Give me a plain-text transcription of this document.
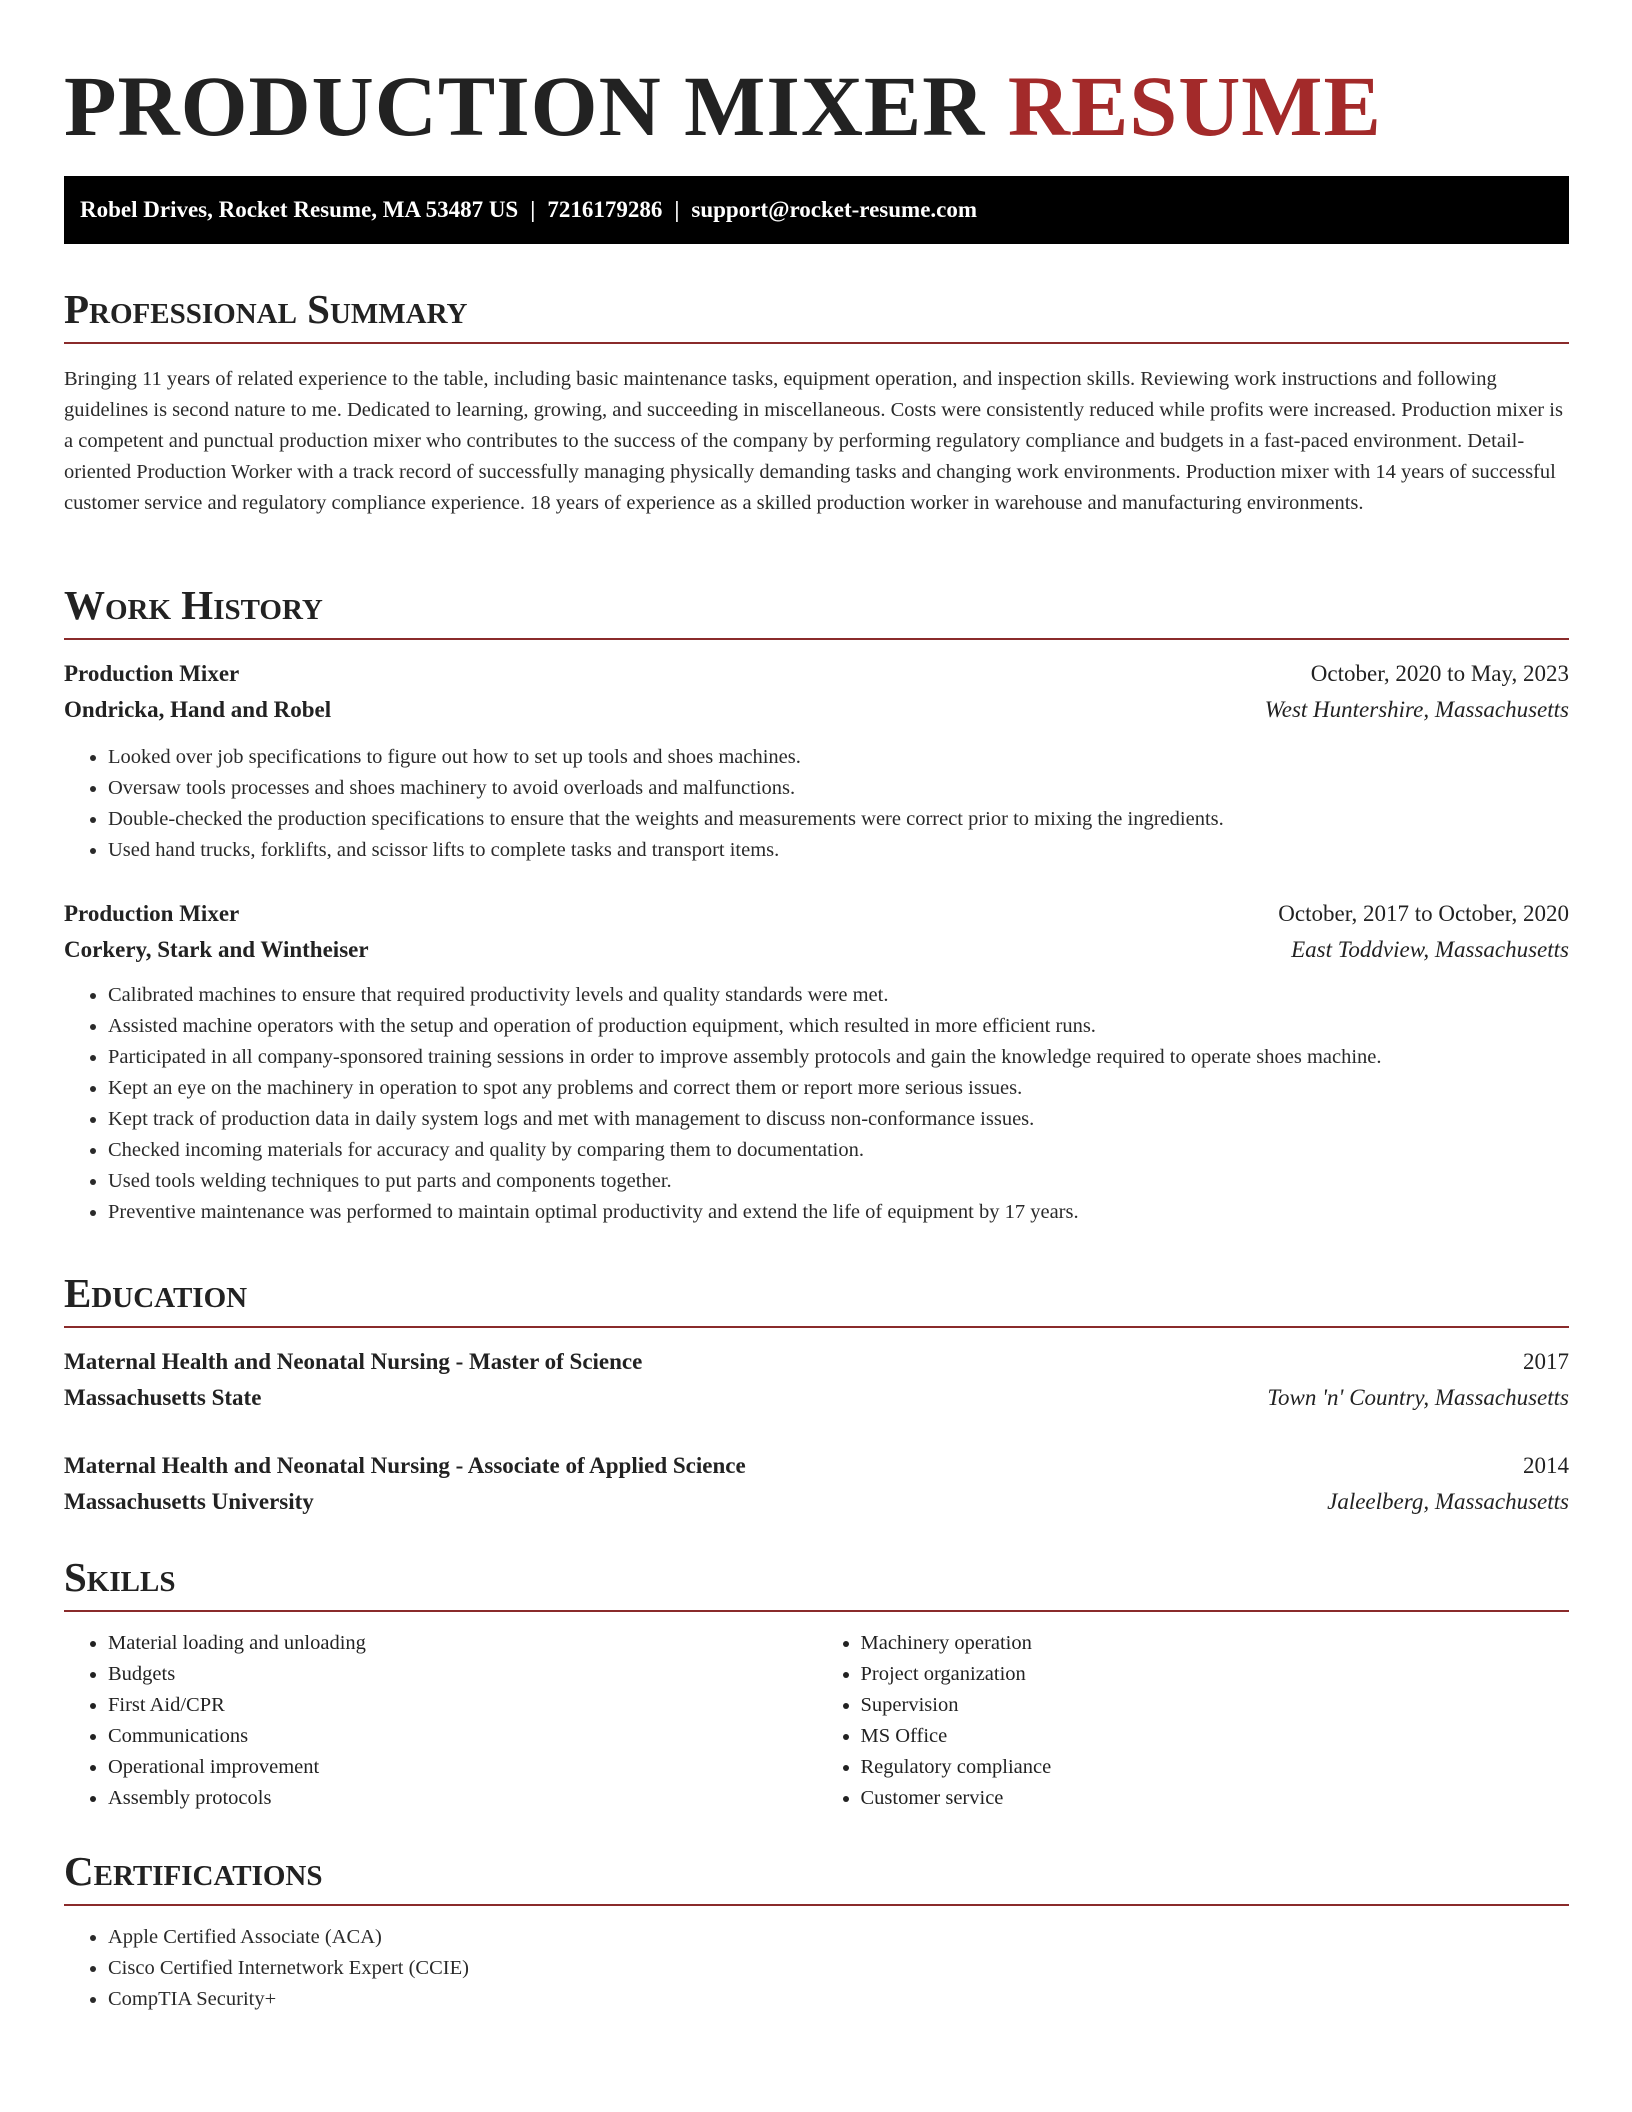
PRODUCTION MIXER RESUME
Robel Drives, Rocket Resume, MA 53487 US | 7216179286 | support@rocket-resume.com
Professional Summary

Bringing 11 years of related experience to the table, including basic maintenance tasks, equipment operation, and inspection skills. Reviewing work instructions and following guidelines is second nature to me. Dedicated to learning, growing, and succeeding in miscellaneous. Costs were consistently reduced while profits were increased. Production mixer is a competent and punctual production mixer who contributes to the success of the company by performing regulatory compliance and budgets in a fast-paced environment. Detail-oriented Production Worker with a track record of successfully managing physically demanding tasks and changing work environments. Production mixer with 14 years of successful customer service and regulatory compliance experience. 18 years of experience as a skilled production worker in warehouse and manufacturing environments.

Work History
Production Mixer	October, 2020 to May, 2023
Ondricka, Hand and Robel	West Huntershire, Massachusetts
• Looked over job specifications to figure out how to set up tools and shoes machines.
• Oversaw tools processes and shoes machinery to avoid overloads and malfunctions.
• Double-checked the production specifications to ensure that the weights and measurements were correct prior to mixing the ingredients.
• Used hand trucks, forklifts, and scissor lifts to complete tasks and transport items.
Production Mixer	October, 2017 to October, 2020
Corkery, Stark and Wintheiser	East Toddview, Massachusetts
• Calibrated machines to ensure that required productivity levels and quality standards were met.
• Assisted machine operators with the setup and operation of production equipment, which resulted in more efficient runs.
• Participated in all company-sponsored training sessions in order to improve assembly protocols and gain the knowledge required to operate shoes machine.
• Kept an eye on the machinery in operation to spot any problems and correct them or report more serious issues.
• Kept track of production data in daily system logs and met with management to discuss non-conformance issues.
• Checked incoming materials for accuracy and quality by comparing them to documentation.
• Used tools welding techniques to put parts and components together.
• Preventive maintenance was performed to maintain optimal productivity and extend the life of equipment by 17 years.
Education
Maternal Health and Neonatal Nursing - Master of Science	2017
Massachusetts State	Town 'n' Country, Massachusetts
Maternal Health and Neonatal Nursing - Associate of Applied Science	2014
Massachusetts University	Jaleelberg, Massachusetts
Skills
• Material loading and unloading
• Budgets
• First Aid/CPR
• Communications
• Operational improvement
• Assembly protocols
• Machinery operation
• Project organization
• Supervision
• MS Office
• Regulatory compliance
• Customer service
Certifications
• Apple Certified Associate (ACA)
• Cisco Certified Internetwork Expert (CCIE)
• CompTIA Security+
